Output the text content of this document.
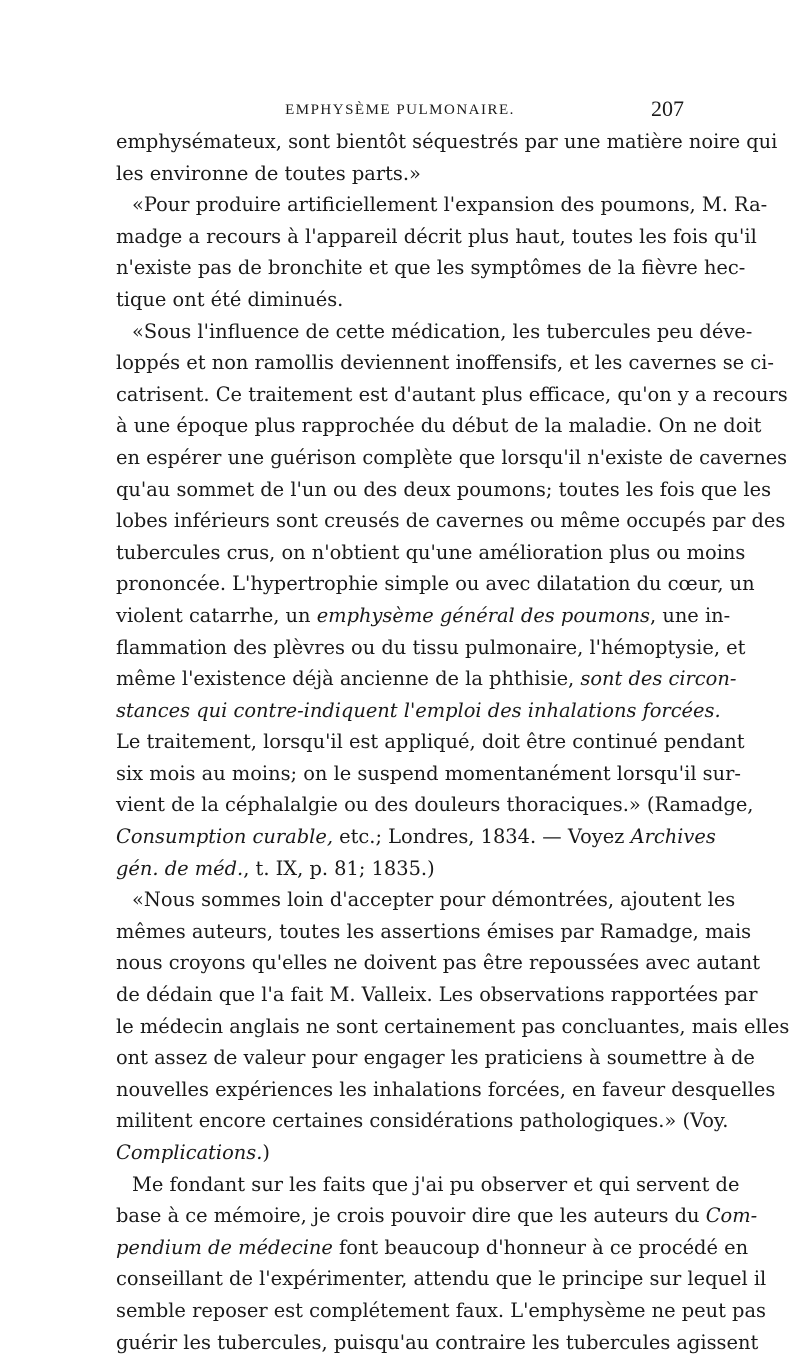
EMPHYSÈME PULMONAIRE.	207

emphysémateux, sont bientôt séquestrés par une matière noire qui
les environne de toutes parts.»

«Pour produire artificiellement l'expansion des poumons, M. Ra-
madge a recours à l'appareil décrit plus haut, toutes les fois qu'il
n'existe pas de bronchite et que les symptômes de la fièvre hec-
tique ont été diminués.

«Sous l'influence de cette médication, les tubercules peu déve-
loppés et non ramollis deviennent inoffensifs, et les cavernes se ci-
catrisent. Ce traitement est d'autant plus efficace, qu'on y a recours
à une époque plus rapprochée du début de la maladie. On ne doit
en espérer une guérison complète que lorsqu'il n'existe de cavernes
qu'au sommet de l'un ou des deux poumons; toutes les fois que les
lobes inférieurs sont creusés de cavernes ou même occupés par des
tubercules crus, on n'obtient qu'une amélioration plus ou moins
prononcée. L'hypertrophie simple ou avec dilatation du cœur, un
violent catarrhe, un emphysème général des poumons, une in-
flammation des plèvres ou du tissu pulmonaire, l'hémoptysie, et
même l'existence déjà ancienne de la phthisie, sont des circon-
stances qui contre-indiquent l'emploi des inhalations forcées.
Le traitement, lorsqu'il est appliqué, doit être continué pendant
six mois au moins; on le suspend momentanément lorsqu'il sur-
vient de la céphalalgie ou des douleurs thoraciques.» (Ramadge,
Consumption curable, etc.; Londres, 1834. — Voyez Archives
gén. de méd., t. IX, p. 81; 1835.)

«Nous sommes loin d'accepter pour démontrées, ajoutent les
mêmes auteurs, toutes les assertions émises par Ramadge, mais
nous croyons qu'elles ne doivent pas être repoussées avec autant
de dédain que l'a fait M. Valleix. Les observations rapportées par
le médecin anglais ne sont certainement pas concluantes, mais elles
ont assez de valeur pour engager les praticiens à soumettre à de
nouvelles expériences les inhalations forcées, en faveur desquelles
militent encore certaines considérations pathologiques.» (Voy.
Complications.)

Me fondant sur les faits que j'ai pu observer et qui servent de
base à ce mémoire, je crois pouvoir dire que les auteurs du Com-
pendium de médecine font beaucoup d'honneur à ce procédé en
conseillant de l'expérimenter, attendu que le principe sur lequel il
semble reposer est complétement faux. L'emphysème ne peut pas
guérir les tubercules, puisqu'au contraire les tubercules agissent
